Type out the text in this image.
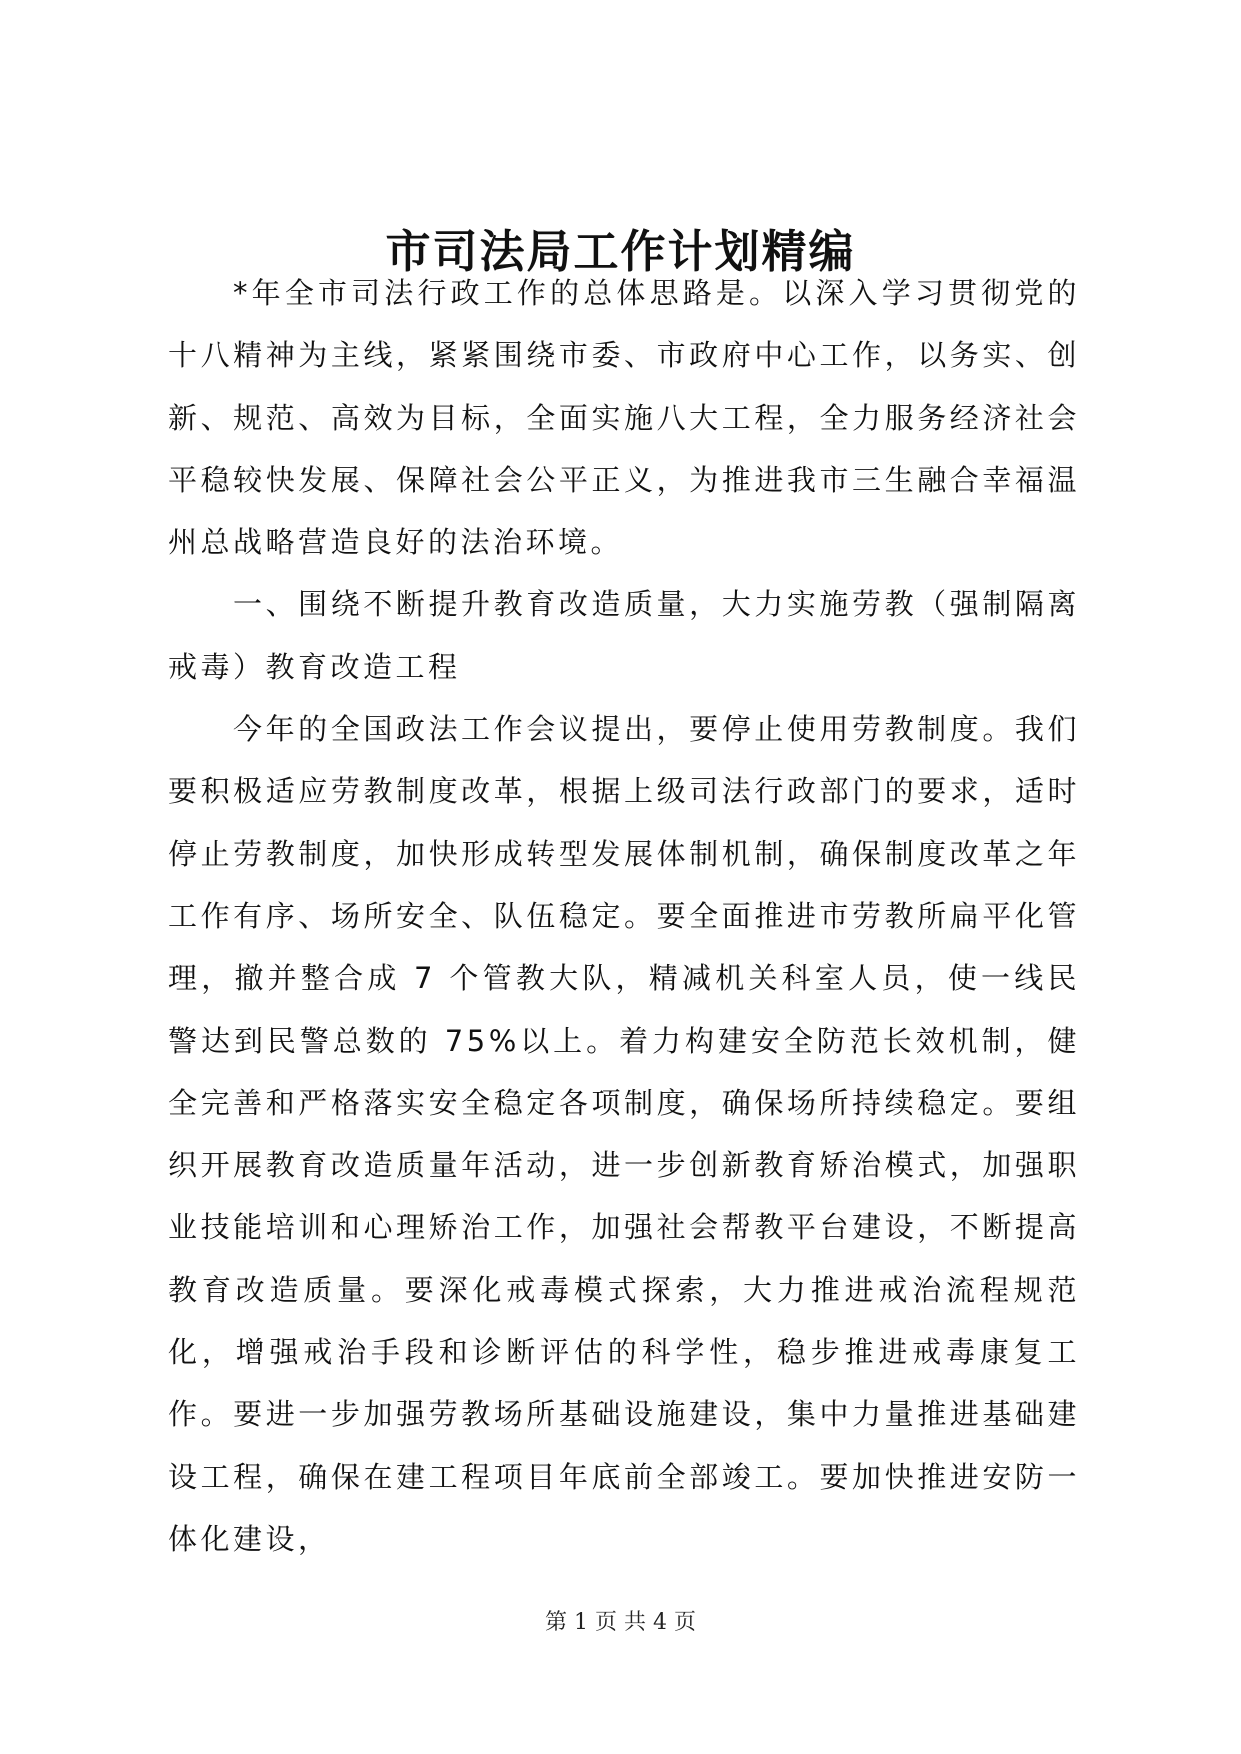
市司法局工作计划精编

*年全市司法行政工作的总体思路是。以深入学习贯彻党的十八精神为主线，紧紧围绕市委、市政府中心工作，以务实、创新、规范、高效为目标，全面实施八大工程，全力服务经济社会平稳较快发展、保障社会公平正义，为推进我市三生融合幸福温州总战略营造良好的法治环境。

一、围绕不断提升教育改造质量，大力实施劳教（强制隔离戒毒）教育改造工程

今年的全国政法工作会议提出，要停止使用劳教制度。我们要积极适应劳教制度改革，根据上级司法行政部门的要求，适时停止劳教制度，加快形成转型发展体制机制，确保制度改革之年工作有序、场所安全、队伍稳定。要全面推进市劳教所扁平化管理，撤并整合成 7 个管教大队，精减机关科室人员，使一线民警达到民警总数的 75%以上。着力构建安全防范长效机制，健全完善和严格落实安全稳定各项制度，确保场所持续稳定。要组织开展教育改造质量年活动，进一步创新教育矫治模式，加强职业技能培训和心理矫治工作，加强社会帮教平台建设，不断提高教育改造质量。要深化戒毒模式探索，大力推进戒治流程规范化，增强戒治手段和诊断评估的科学性，稳步推进戒毒康复工作。要进一步加强劳教场所基础设施建设，集中力量推进基础建设工程，确保在建工程项目年底前全部竣工。要加快推进安防一体化建设，

第 1 页 共 4 页
